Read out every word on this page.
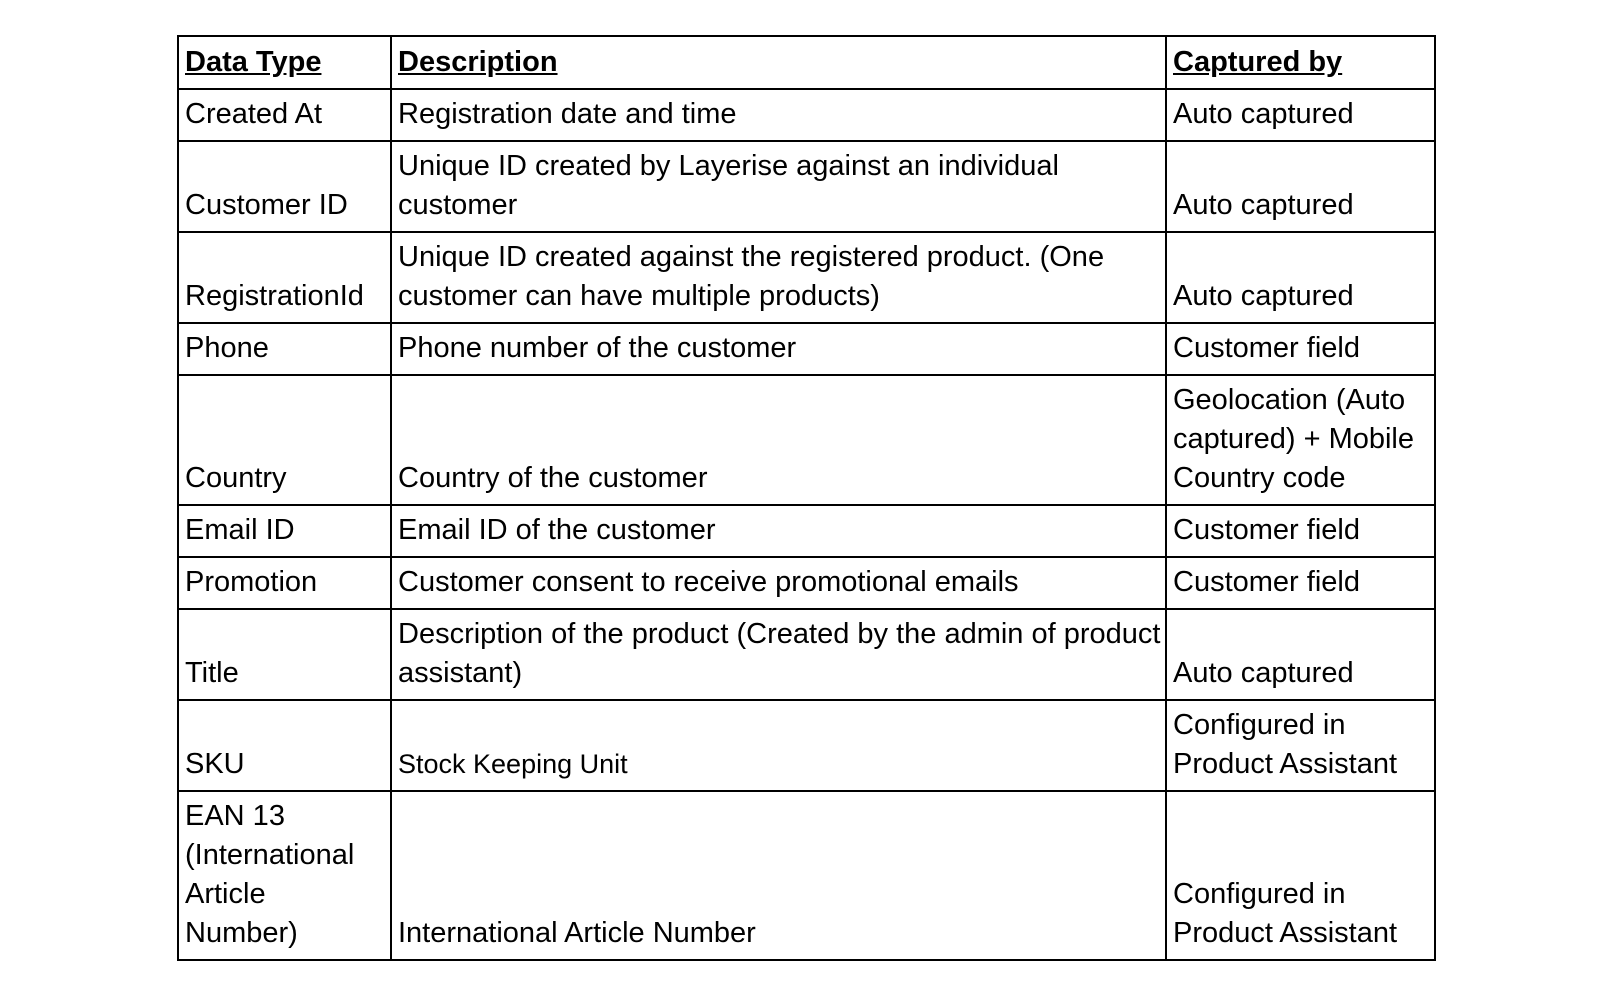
Data Type	Description	Captured by
Created At	Registration date and time	Auto captured
Customer ID	Unique ID created by Layerise against an individual customer	Auto captured
RegistrationId	Unique ID created against the registered product. (One customer can have multiple products)	Auto captured
Phone	Phone number of the customer	Customer field
Country	Country of the customer	Geolocation (Auto captured) + Mobile Country code
Email ID	Email ID of the customer	Customer field
Promotion	Customer consent to receive promotional emails	Customer field
Title	Description of the product (Created by the admin of product assistant)	Auto captured
SKU	Stock Keeping Unit	Configured in Product Assistant
EAN 13 (International Article Number)	International Article Number	Configured in Product Assistant
